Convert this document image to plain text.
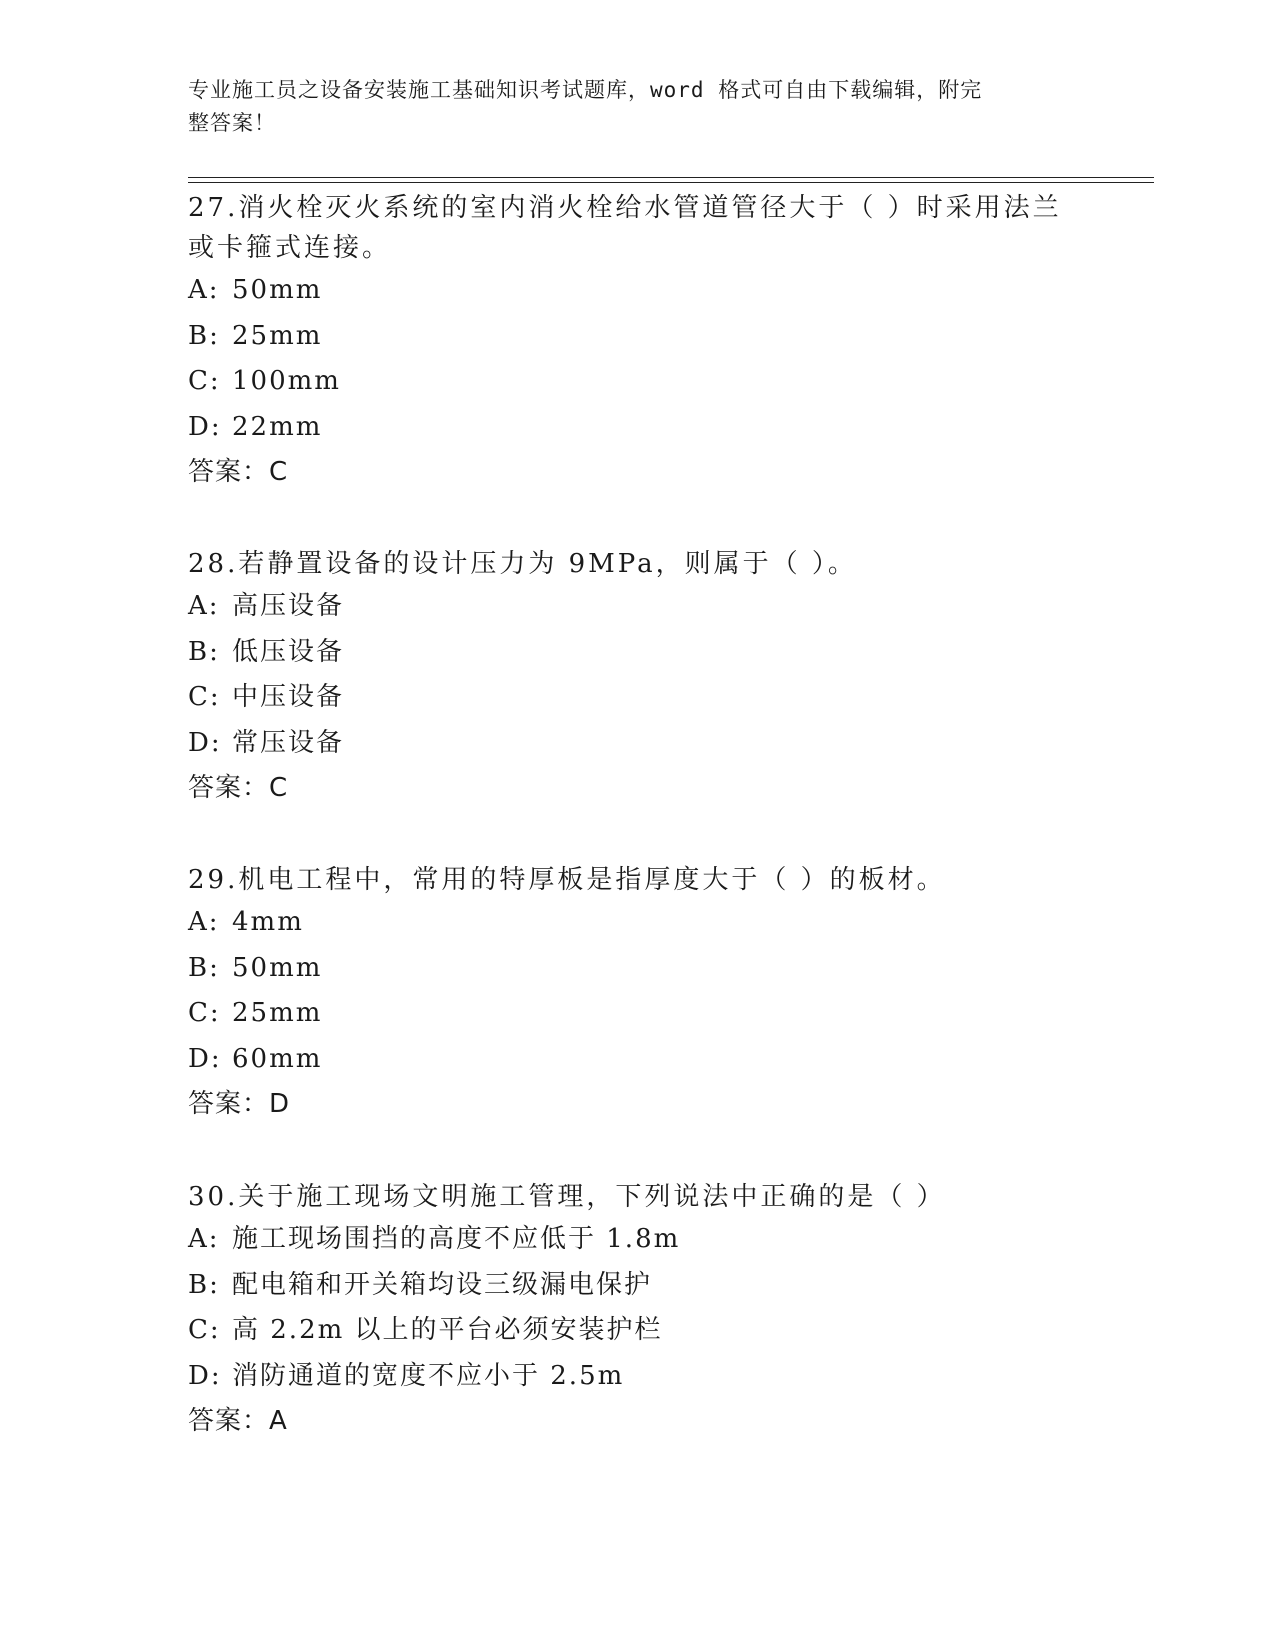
专业施工员之设备安装施工基础知识考试题库，word 格式可自由下载编辑，附完
整答案！
27.消火栓灭火系统的室内消火栓给水管道管径大于（ ）时采用法兰
或卡箍式连接。
A: 50mm
B: 25mm
C: 100mm
D: 22mm
答案：C
28.若静置设备的设计压力为 9MPa，则属于（ ）。
A: 高压设备
B: 低压设备
C: 中压设备
D: 常压设备
答案：C
29.机电工程中，常用的特厚板是指厚度大于（ ）的板材。
A: 4mm
B: 50mm
C: 25mm
D: 60mm
答案：D
30.关于施工现场文明施工管理，下列说法中正确的是（ ）
A: 施工现场围挡的高度不应低于 1.8m
B: 配电箱和开关箱均设三级漏电保护
C: 高 2.2m 以上的平台必须安装护栏
D: 消防通道的宽度不应小于 2.5m
答案：A
